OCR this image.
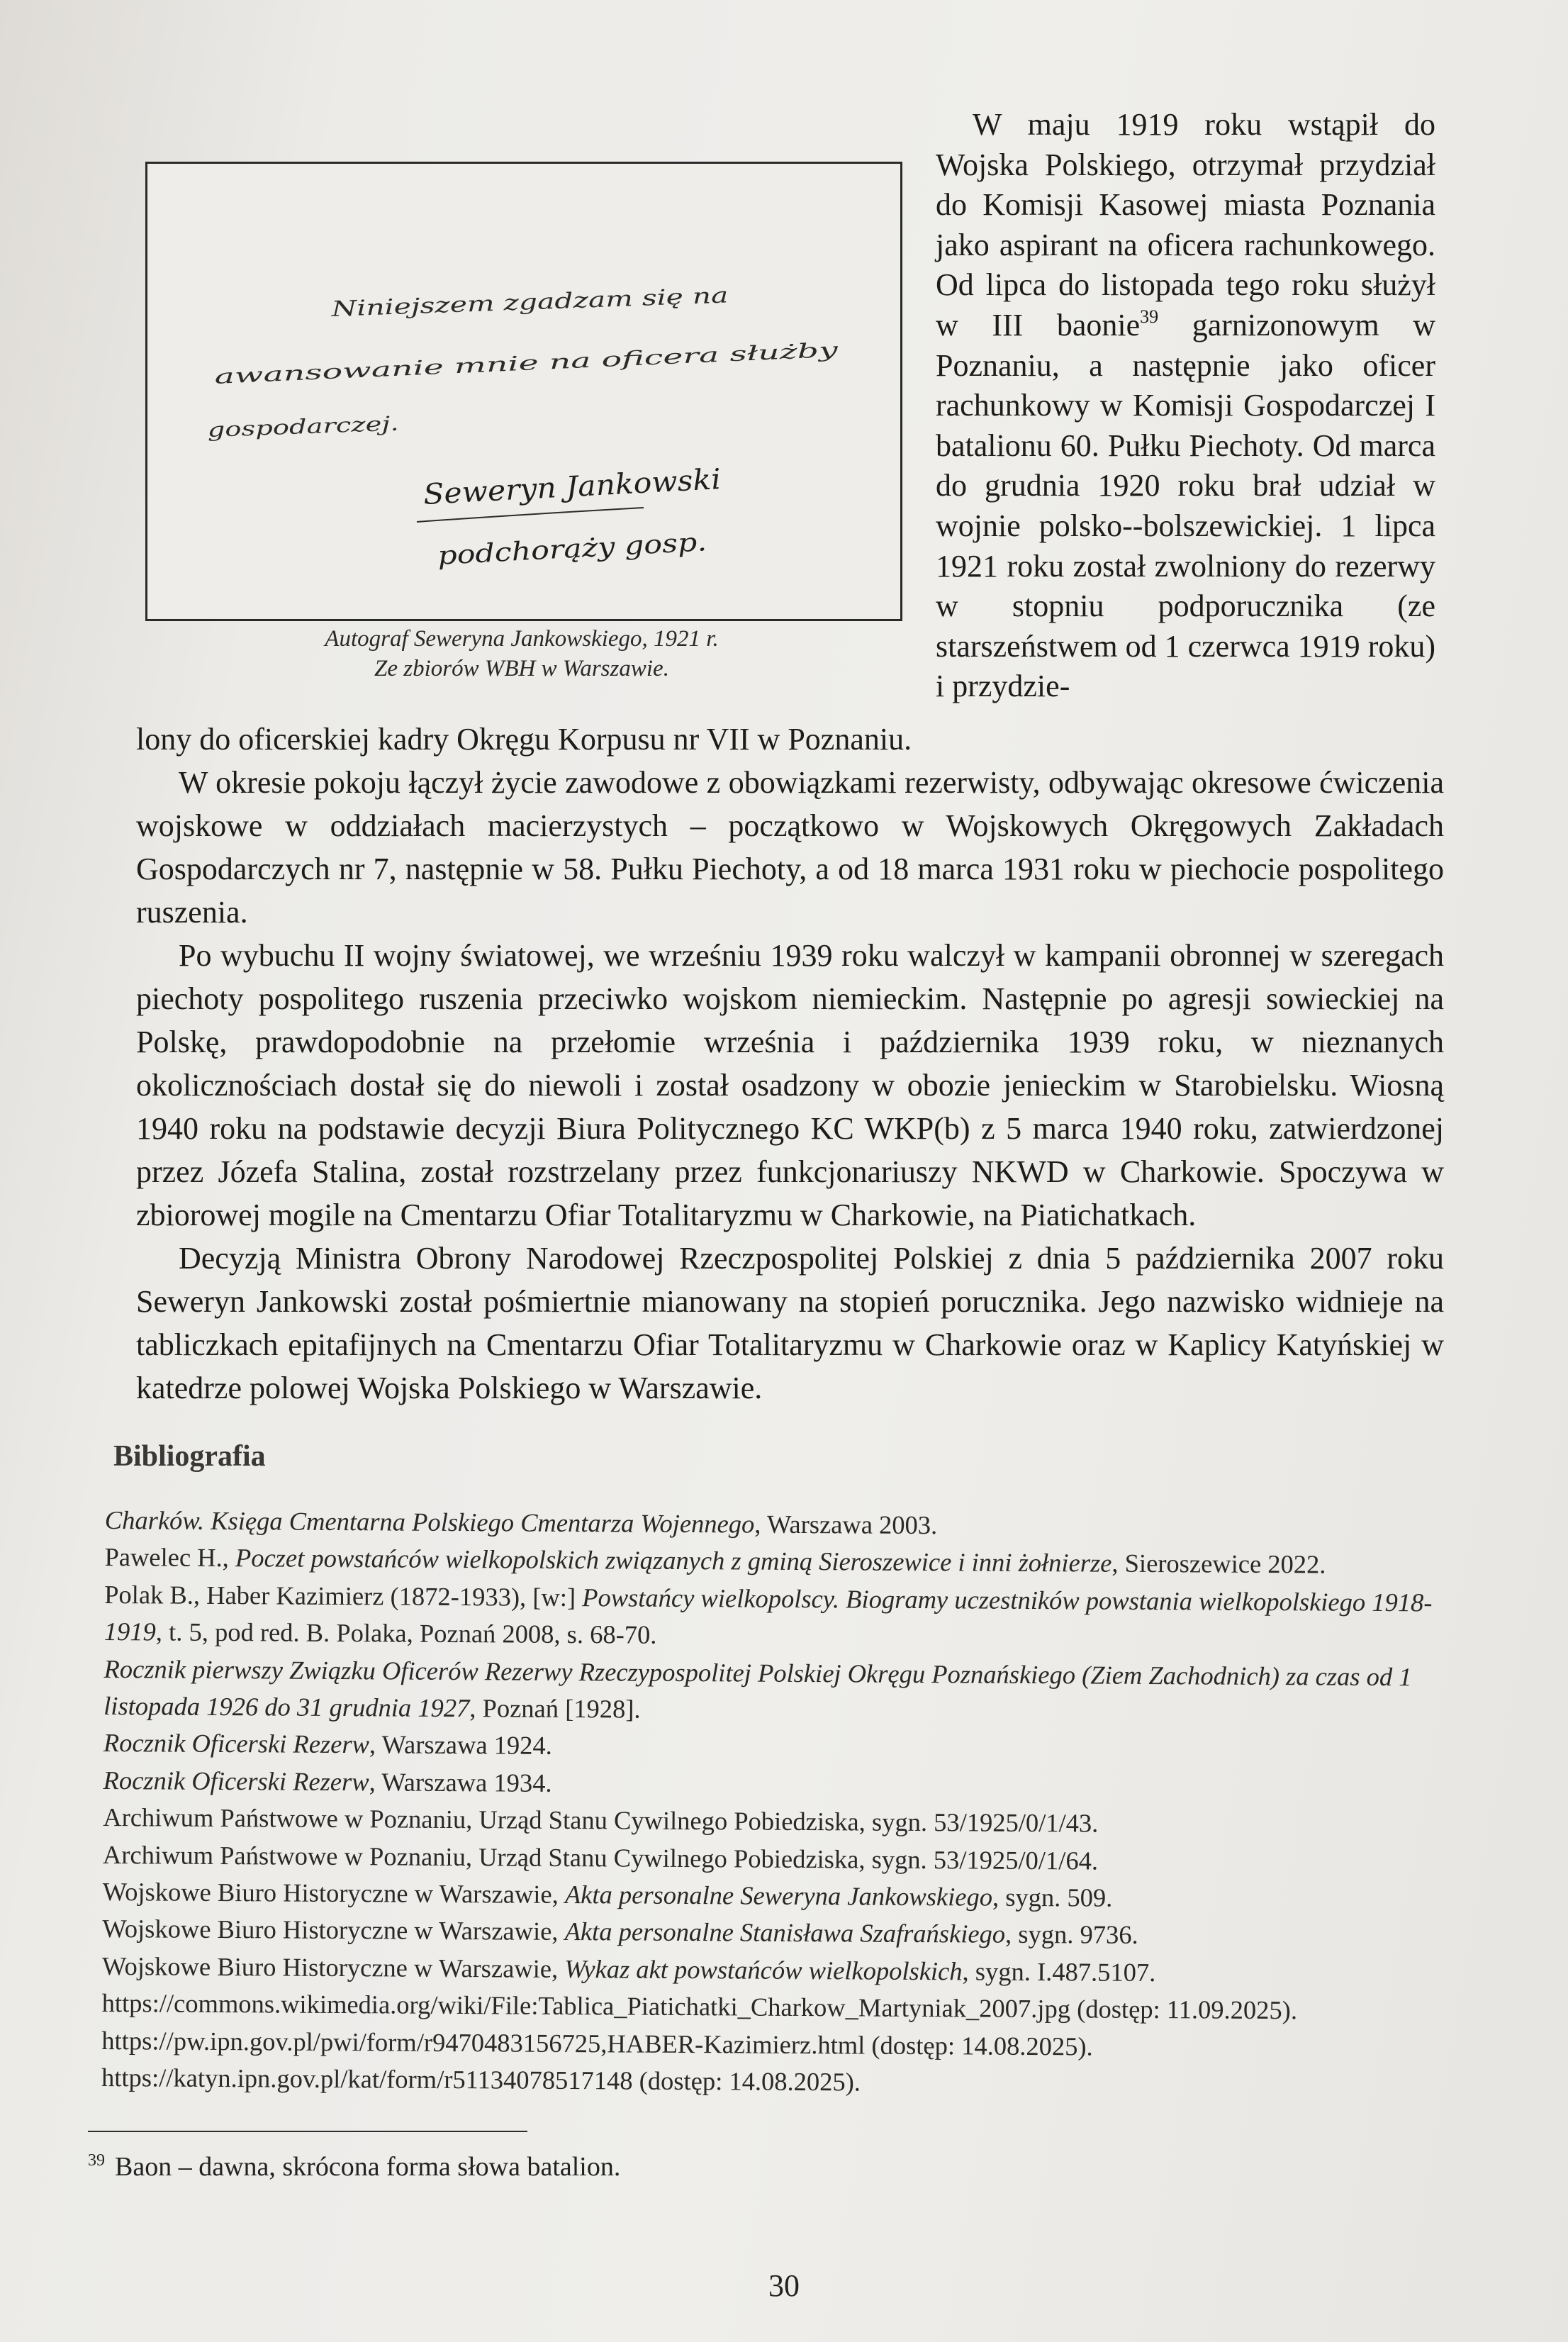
Niniejszem zgadzam się na
awansowanie mnie na oficera służby
gospodarczej.
Seweryn Jankowski
podchorąży gosp.
Autograf Seweryna Jankowskiego, 1921 r.
Ze zbiorów WBH w Warszawie.

W maju 1919 roku wstąpił do Wojska Polskiego, otrzymał przydział do Komisji Kasowej miasta Poznania jako aspirant na oficera rachunkowego. Od lipca do listopada tego roku służył w III baonie$^{39}$ garnizonowym w Poznaniu, a następnie jako oficer rachunkowy w Komisji Gospodarczej I batalionu 60. Pułku Piechoty. Od marca do grudnia 1920 roku brał udział w wojnie polsko--bolszewickiej. 1 lipca 1921 roku został zwolniony do rezerwy w stopniu podporucznika (ze starszeństwem od 1 czerwca 1919 roku) i przydzie-

lony do oficerskiej kadry Okręgu Korpusu nr VII w Poznaniu.

W okresie pokoju łączył życie zawodowe z obowiązkami rezerwisty, odbywając okresowe ćwiczenia wojskowe w oddziałach macierzystych – początkowo w Wojskowych Okręgowych Zakładach Gospodarczych nr 7, następnie w 58. Pułku Piechoty, a od 18 marca 1931 roku w piechocie pospolitego ruszenia.

Po wybuchu II wojny światowej, we wrześniu 1939 roku walczył w kampanii obronnej w szeregach piechoty pospolitego ruszenia przeciwko wojskom niemieckim. Następnie po agresji sowieckiej na Polskę, prawdopodobnie na przełomie września i października 1939 roku, w nieznanych okolicznościach dostał się do niewoli i został osadzony w obozie jenieckim w Starobielsku. Wiosną 1940 roku na podstawie decyzji Biura Politycznego KC WKP(b) z 5 marca 1940 roku, zatwierdzonej przez Józefa Stalina, został rozstrzelany przez funkcjonariuszy NKWD w Charkowie. Spoczywa w zbiorowej mogile na Cmentarzu Ofiar Totalitaryzmu w Charkowie, na Piatichatkach.

Decyzją Ministra Obrony Narodowej Rzeczpospolitej Polskiej z dnia 5 października 2007 roku Seweryn Jankowski został pośmiertnie mianowany na stopień porucznika. Jego nazwisko widnieje na tabliczkach epitafijnych na Cmentarzu Ofiar Totalitaryzmu w Charkowie oraz w Kaplicy Katyńskiej w katedrze polowej Wojska Polskiego w Warszawie.

Bibliografia
Charków. Księga Cmentarna Polskiego Cmentarza Wojennego, Warszawa 2003.
Pawelec H., Poczet powstańców wielkopolskich związanych z gminą Sieroszewice i inni żołnierze, Sieroszewice 2022.
Polak B., Haber Kazimierz (1872-1933), [w:] Powstańcy wielkopolscy. Biogramy uczestników powstania wielkopolskiego 1918-1919, t. 5, pod red. B. Polaka, Poznań 2008, s. 68-70.
Rocznik pierwszy Związku Oficerów Rezerwy Rzeczypospolitej Polskiej Okręgu Poznańskiego (Ziem Zachodnich) za czas od 1 listopada 1926 do 31 grudnia 1927, Poznań [1928].
Rocznik Oficerski Rezerw, Warszawa 1924.
Rocznik Oficerski Rezerw, Warszawa 1934.
Archiwum Państwowe w Poznaniu, Urząd Stanu Cywilnego Pobiedziska, sygn. 53/1925/0/1/43.
Archiwum Państwowe w Poznaniu, Urząd Stanu Cywilnego Pobiedziska, sygn. 53/1925/0/1/64.
Wojskowe Biuro Historyczne w Warszawie, Akta personalne Seweryna Jankowskiego, sygn. 509.
Wojskowe Biuro Historyczne w Warszawie, Akta personalne Stanisława Szafrańskiego, sygn. 9736.
Wojskowe Biuro Historyczne w Warszawie, Wykaz akt powstańców wielkopolskich, sygn. I.487.5107. https://commons.wikimedia.org/wiki/File:Tablica_Piatichatki_Charkow_Martyniak_2007.jpg (dostęp: 11.09.2025).
https://pw.ipn.gov.pl/pwi/form/r9470483156725,HABER-Kazimierz.html (dostęp: 14.08.2025).
https://katyn.ipn.gov.pl/kat/form/r51134078517148 (dostęp: 14.08.2025).
$^{39}$ Baon – dawna, skrócona forma słowa batalion.
30
